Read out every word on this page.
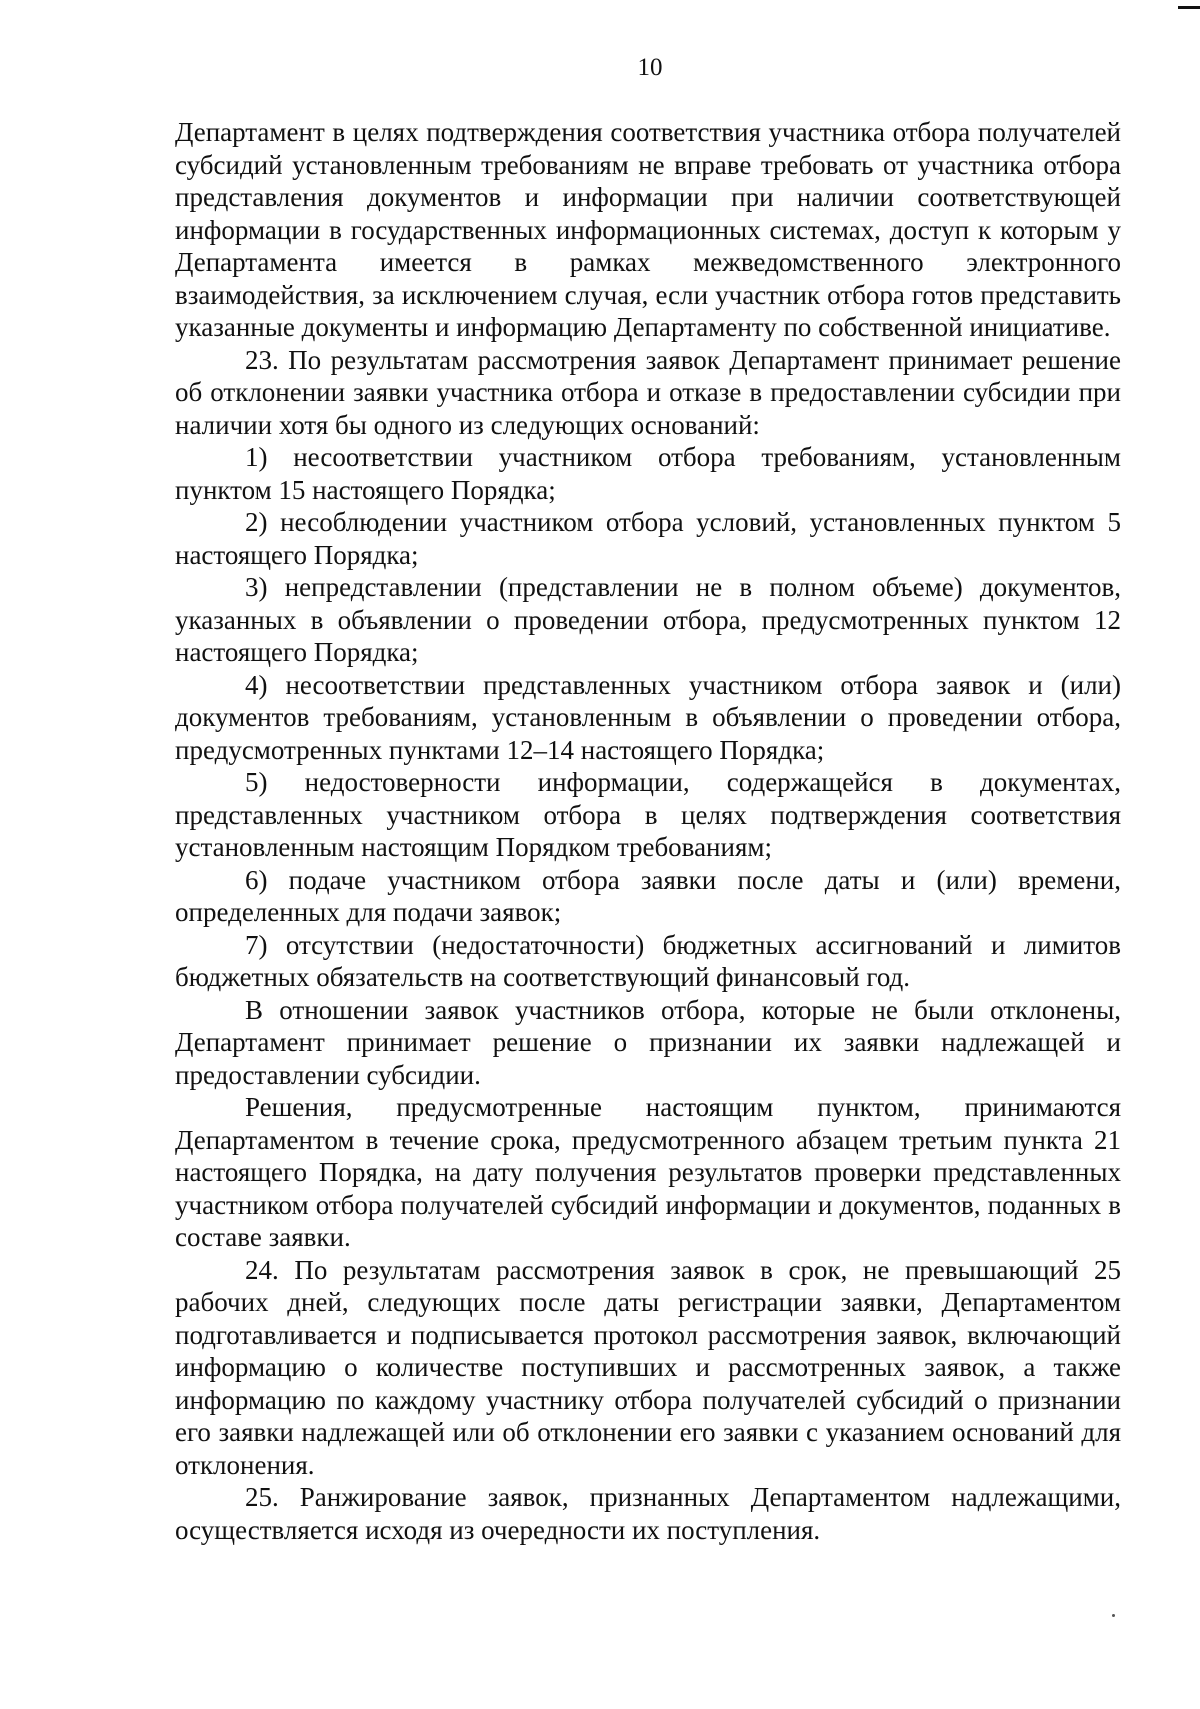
10

Департамент в целях подтверждения соответствия участника отбора получателей субсидий установленным требованиям не вправе требовать от участника отбора представления документов и информации при наличии соответствующей информации в государственных информационных системах, доступ к которым у Департамента имеется в рамках межведомственного электронного взаимодействия, за исключением случая, если участник отбора готов представить указанные документы и информацию Департаменту по собственной инициативе.

23. По результатам рассмотрения заявок Департамент принимает решение об отклонении заявки участника отбора и отказе в предоставлении субсидии при наличии хотя бы одного из следующих оснований:

1) несоответствии участником отбора требованиям, установленным пунктом 15 настоящего Порядка;

2) несоблюдении участником отбора условий, установленных пунктом 5 настоящего Порядка;

3) непредставлении (представлении не в полном объеме) документов, указанных в объявлении о проведении отбора, предусмотренных пунктом 12 настоящего Порядка;

4) несоответствии представленных участником отбора заявок и (или) документов требованиям, установленным в объявлении о проведении отбора, предусмотренных пунктами 12–14 настоящего Порядка;

5) недостоверности информации, содержащейся в документах, представленных участником отбора в целях подтверждения соответствия установленным настоящим Порядком требованиям;

6) подаче участником отбора заявки после даты и (или) времени, определенных для подачи заявок;

7) отсутствии (недостаточности) бюджетных ассигнований и лимитов бюджетных обязательств на соответствующий финансовый год.

В отношении заявок участников отбора, которые не были отклонены, Департамент принимает решение о признании их заявки надлежащей и предоставлении субсидии.

Решения, предусмотренные настоящим пунктом, принимаются Департаментом в течение срока, предусмотренного абзацем третьим пункта 21 настоящего Порядка, на дату получения результатов проверки представленных участником отбора получателей субсидий информации и документов, поданных в составе заявки.

24. По результатам рассмотрения заявок в срок, не превышающий 25 рабочих дней, следующих после даты регистрации заявки, Департаментом подготавливается и подписывается протокол рассмотрения заявок, включающий информацию о количестве поступивших и рассмотренных заявок, а также информацию по каждому участнику отбора получателей субсидий о признании его заявки надлежащей или об отклонении его заявки с указанием оснований для отклонения.

25. Ранжирование заявок, признанных Департаментом надлежащими, осуществляется исходя из очередности их поступления.
